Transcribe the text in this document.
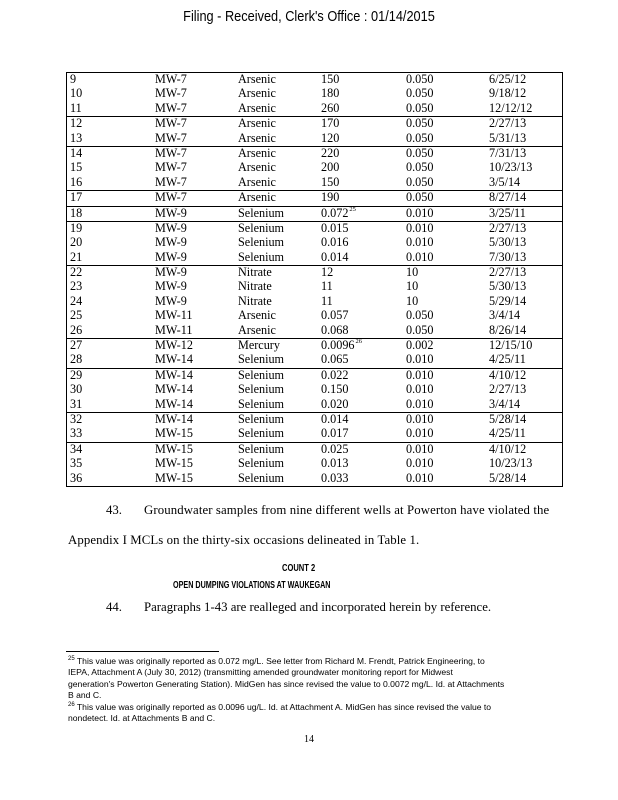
Filing - Received, Clerk's Office : 01/14/2015
9	MW-7	Arsenic	150	0.050	6/25/12
10	MW-7	Arsenic	180	0.050	9/18/12
11	MW-7	Arsenic	260	0.050	12/12/12
12	MW-7	Arsenic	170	0.050	2/27/13
13	MW-7	Arsenic	120	0.050	5/31/13
14	MW-7	Arsenic	220	0.050	7/31/13
15	MW-7	Arsenic	200	0.050	10/23/13
16	MW-7	Arsenic	150	0.050	3/5/14
17	MW-7	Arsenic	190	0.050	8/27/14
18	MW-9	Selenium	0.072$^{25}$	0.010	3/25/11
19	MW-9	Selenium	0.015	0.010	2/27/13
20	MW-9	Selenium	0.016	0.010	5/30/13
21	MW-9	Selenium	0.014	0.010	7/30/13
22	MW-9	Nitrate	12	10	2/27/13
23	MW-9	Nitrate	11	10	5/30/13
24	MW-9	Nitrate	11	10	5/29/14
25	MW-11	Arsenic	0.057	0.050	3/4/14
26	MW-11	Arsenic	0.068	0.050	8/26/14
27	MW-12	Mercury	0.0096$^{26}$	0.002	12/15/10
28	MW-14	Selenium	0.065	0.010	4/25/11
29	MW-14	Selenium	0.022	0.010	4/10/12
30	MW-14	Selenium	0.150	0.010	2/27/13
31	MW-14	Selenium	0.020	0.010	3/4/14
32	MW-14	Selenium	0.014	0.010	5/28/14
33	MW-15	Selenium	0.017	0.010	4/25/11
34	MW-15	Selenium	0.025	0.010	4/10/12
35	MW-15	Selenium	0.013	0.010	10/23/13
36	MW-15	Selenium	0.033	0.010	5/28/14
43. Groundwater samples from nine different wells at Powerton have violated the
Appendix I MCLs on the thirty-six occasions delineated in Table 1.
COUNT 2
OPEN DUMPING VIOLATIONS AT WAUKEGAN
44. Paragraphs 1-43 are realleged and incorporated herein by reference.
$^{25}$ This value was originally reported as 0.072 mg/L. See letter from Richard M. Frendt, Patrick Engineering, to
IEPA, Attachment A (July 30, 2012) (transmitting amended groundwater monitoring report for Midwest
generation's Powerton Generating Station). MidGen has since revised the value to 0.0072 mg/L. Id. at Attachments
B and C.
$^{26}$ This value was originally reported as 0.0096 ug/L. Id. at Attachment A. MidGen has since revised the value to
nondetect. Id. at Attachments B and C.
14
